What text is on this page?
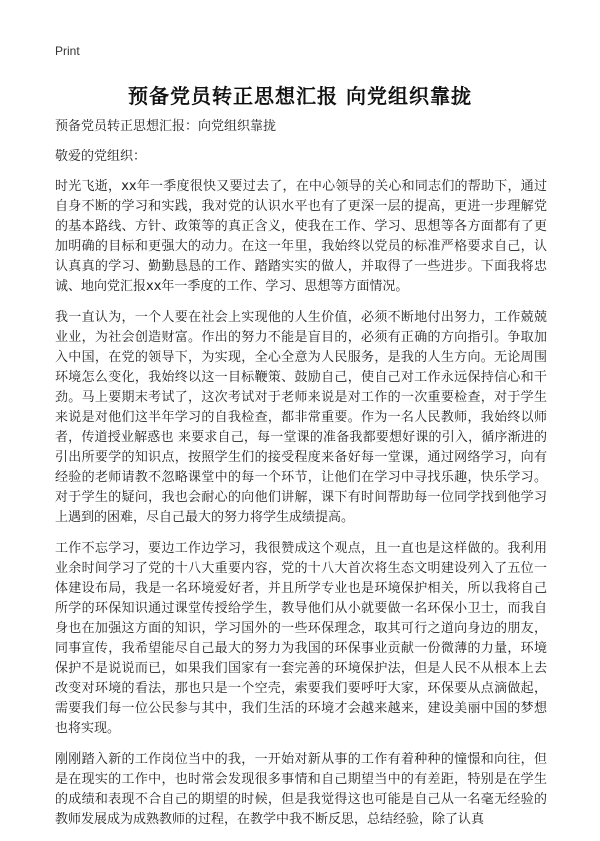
Print
预备党员转正思想汇报 向党组织靠拢

预备党员转正思想汇报：向党组织靠拢

敬爱的党组织：

时光飞逝，xx年一季度很快又要过去了，在中心领导的关心和同志们的帮助下，通过自身不断的学习和实践，我对党的认识水平也有了更深一层的提高，更进一步理解党的基本路线、方针、政策等的真正含义，使我在工作、学习、思想等各方面都有了更加明确的目标和更强大的动力。在这一年里，我始终以党员的标准严格要求自己，认认真真的学习、勤勤恳恳的工作、踏踏实实的做人，并取得了一些进步。下面我将忠诚、地向党汇报xx年一季度的工作、学习、思想等方面情况。

我一直认为，一个人要在社会上实现他的人生价值，必须不断地付出努力，工作兢兢业业，为社会创造财富。作出的努力不能是盲目的，必须有正确的方向指引。争取加入中国，在党的领导下，为实现，全心全意为人民服务，是我的人生方向。无论周围环境怎么变化，我始终以这一目标鞭策、鼓励自己，使自己对工作永远保持信心和干劲。马上要期末考试了，这次考试对于老师来说是对工作的一次重要检查，对于学生来说是对他们这半年学习的自我检查，都非常重要。作为一名人民教师，我始终以师者，传道授业解惑也 来要求自己，每一堂课的准备我都要想好课的引入，循序渐进的引出所要学的知识点，按照学生们的接受程度来备好每一堂课，通过网络学习，向有经验的老师请教不忽略课堂中的每一个环节，让他们在学习中寻找乐趣，快乐学习。对于学生的疑问，我也会耐心的向他们讲解，课下有时间帮助每一位同学找到他学习上遇到的困难，尽自己最大的努力将学生成绩提高。

工作不忘学习，要边工作边学习，我很赞成这个观点，且一直也是这样做的。我利用业余时间学习了党的十八大重要内容，党的十八大首次将生态文明建设列入了五位一体建设布局，我是一名环境爱好者，并且所学专业也是环境保护相关，所以我将自己所学的环保知识通过课堂传授给学生，教导他们从小就要做一名环保小卫士，而我自身也在加强这方面的知识，学习国外的一些环保理念，取其可行之道向身边的朋友，同事宣传，我希望能尽自己最大的努力为我国的环保事业贡献一份微薄的力量，环境保护不是说说而已，如果我们国家有一套完善的环境保护法，但是人民不从根本上去改变对环境的看法，那也只是一个空壳，索要我们要呼吁大家，环保要从点滴做起，需要我们每一位公民参与其中，我们生活的环境才会越来越来，建设美丽中国的梦想也将实现。

刚刚踏入新的工作岗位当中的我，一开始对新从事的工作有着种种的憧憬和向往，但是在现实的工作中，也时常会发现很多事情和自己期望当中的有差距，特别是在学生的成绩和表现不合自己的期望的时候，但是我觉得这也可能是自己从一名毫无经验的教师发展成为成熟教师的过程，在教学中我不断反思，总结经验，除了认真
